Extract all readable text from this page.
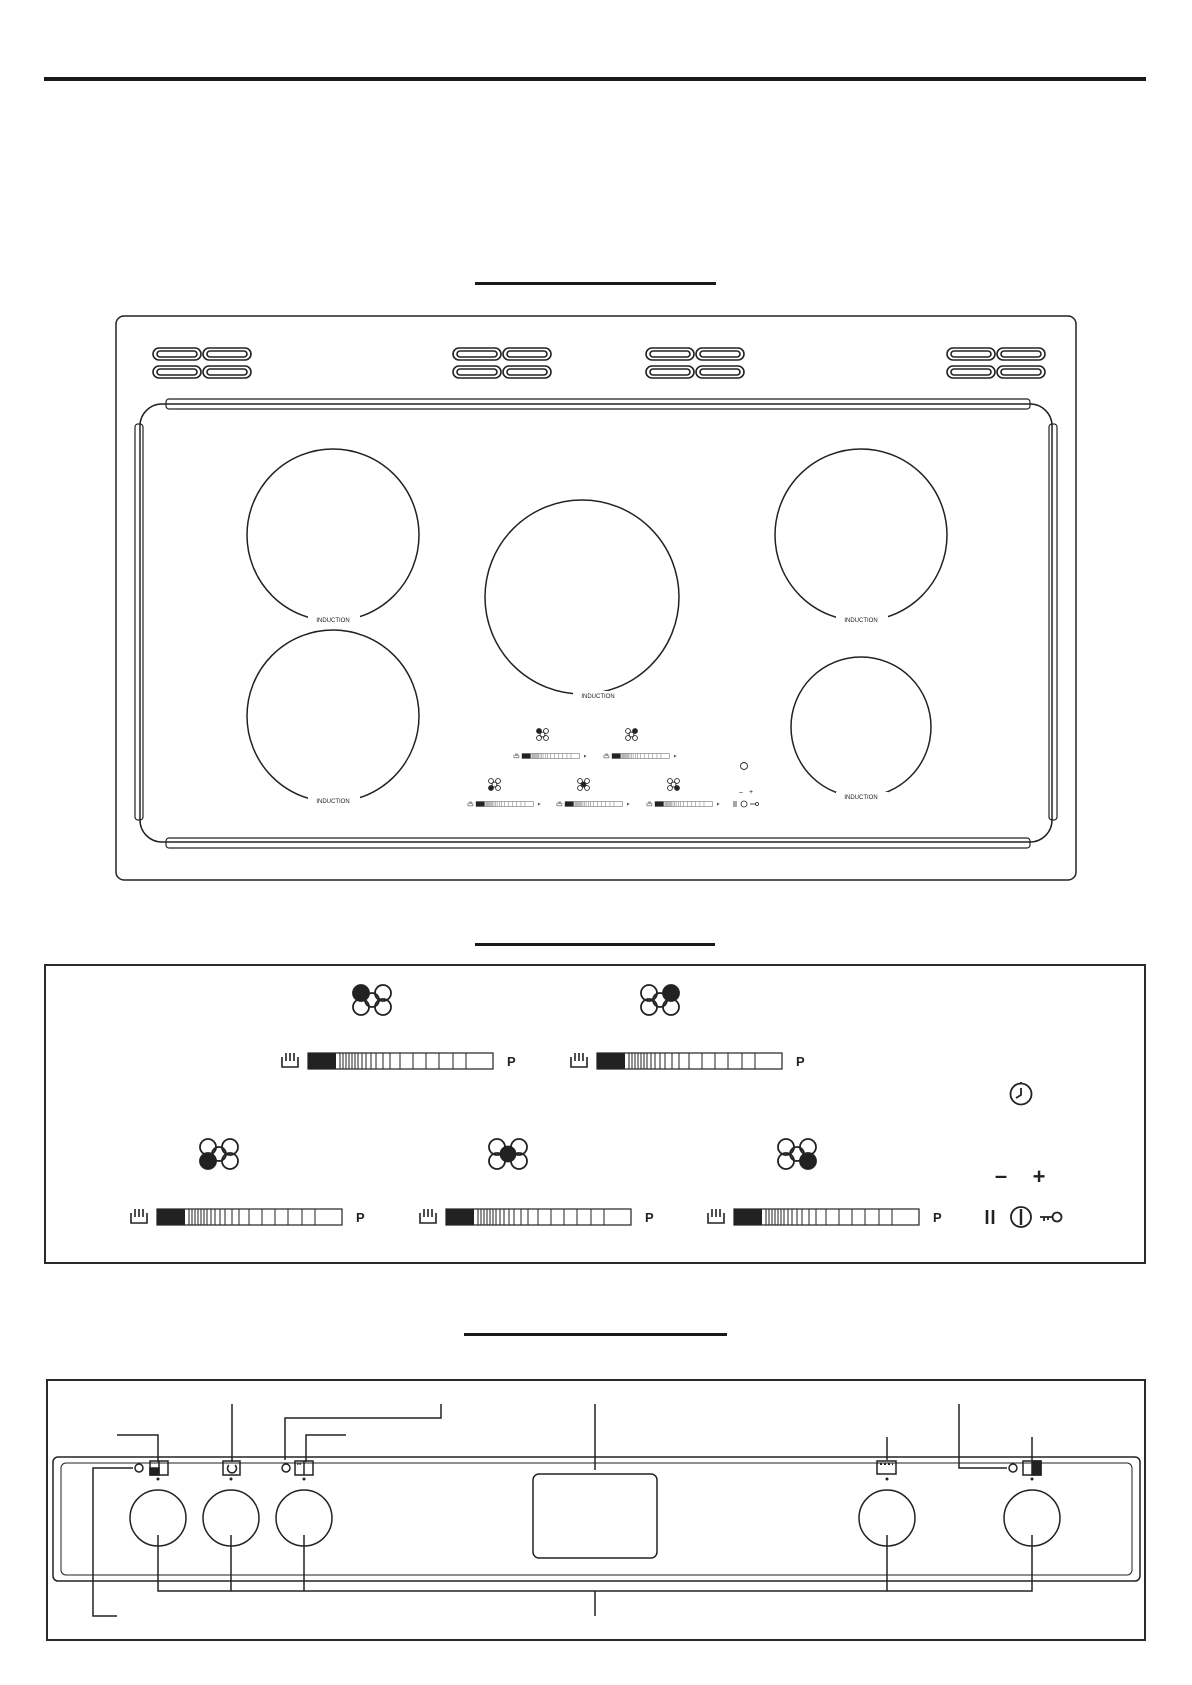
INDUCTION
INDUCTION
INDUCTION
INDUCTION
INDUCTION
P	P
P	P	P
– +
– +
P	P
P	P	P
